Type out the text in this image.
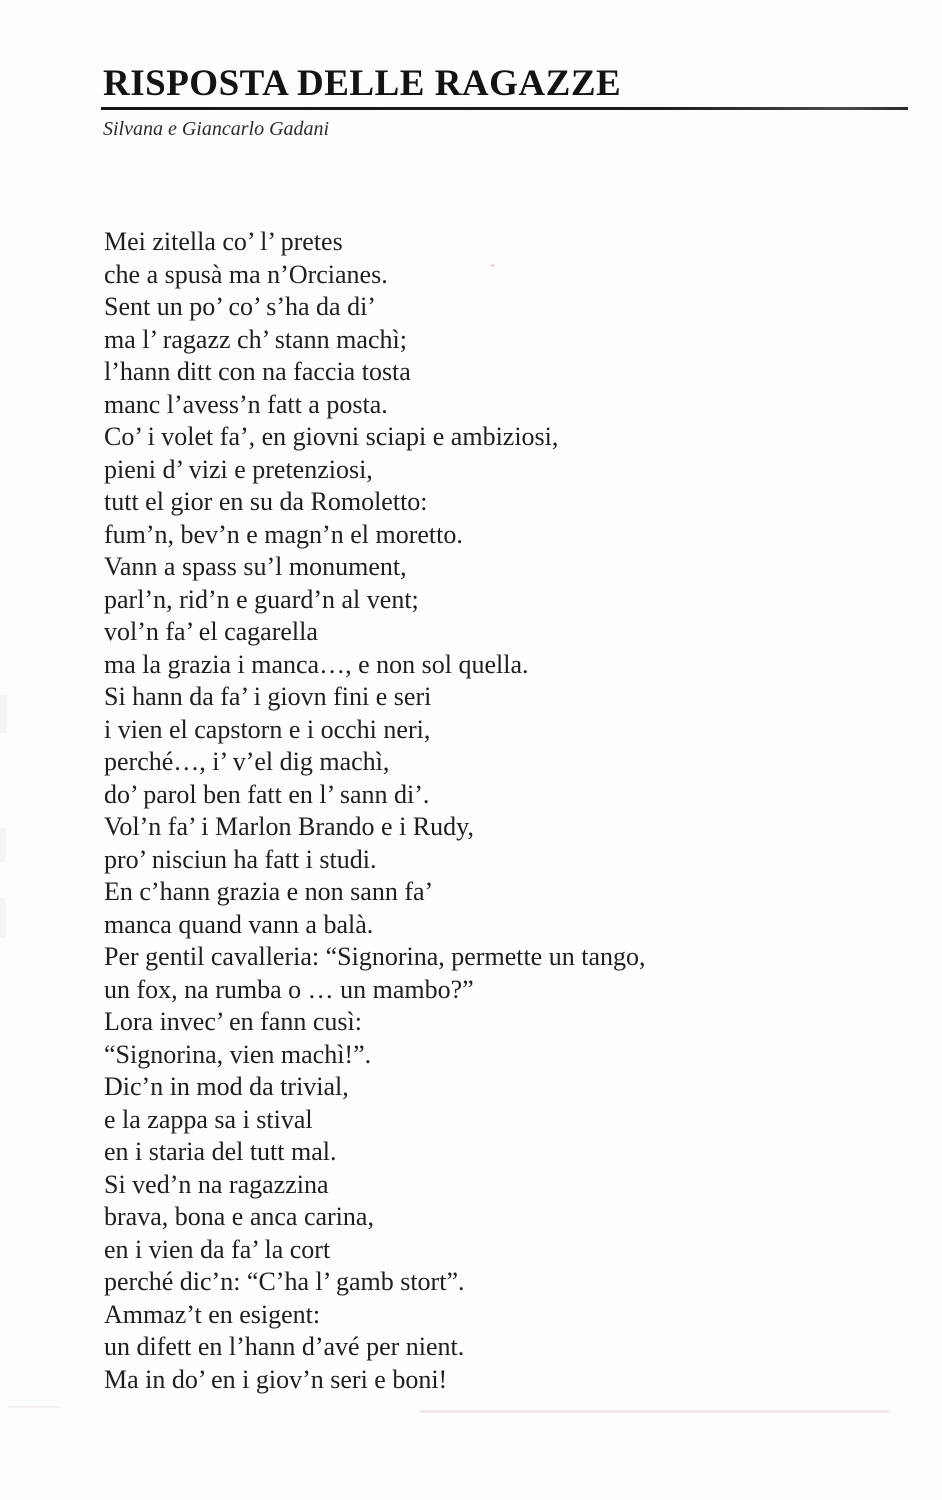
RISPOSTA DELLE RAGAZZE
Silvana e Giancarlo Gadani
Mei zitella co’ l’ pretes
che a spusà ma n’Orcianes.
Sent un po’ co’ s’ha da di’
ma l’ ragazz ch’ stann machì;
l’hann ditt con na faccia tosta
manc l’avess’n fatt a posta.
Co’ i volet fa’, en giovni sciapi e ambiziosi,
pieni d’ vizi e pretenziosi,
tutt el gior en su da Romoletto:
fum’n, bev’n e magn’n el moretto.
Vann a spass su’l monument,
parl’n, rid’n e guard’n al vent;
vol’n fa’ el cagarella
ma la grazia i manca…, e non sol quella.
Si hann da fa’ i giovn fini e seri
i vien el capstorn e i occhi neri,
perché…, i’ v’el dig machì,
do’ parol ben fatt en l’ sann di’.
Vol’n fa’ i Marlon Brando e i Rudy,
pro’ nisciun ha fatt i studi.
En c’hann grazia e non sann fa’
manca quand vann a balà.
Per gentil cavalleria: “Signorina, permette un tango,
un fox, na rumba o … un mambo?”
Lora invec’ en fann cusì:
“Signorina, vien machì!”.
Dic’n in mod da trivial,
e la zappa sa i stival
en i staria del tutt mal.
Si ved’n na ragazzina
brava, bona e anca carina,
en i vien da fa’ la cort
perché dic’n: “C’ha l’ gamb stort”.
Ammaz’t en esigent:
un difett en l’hann d’avé per nient.
Ma in do’ en i giov’n seri e boni!
